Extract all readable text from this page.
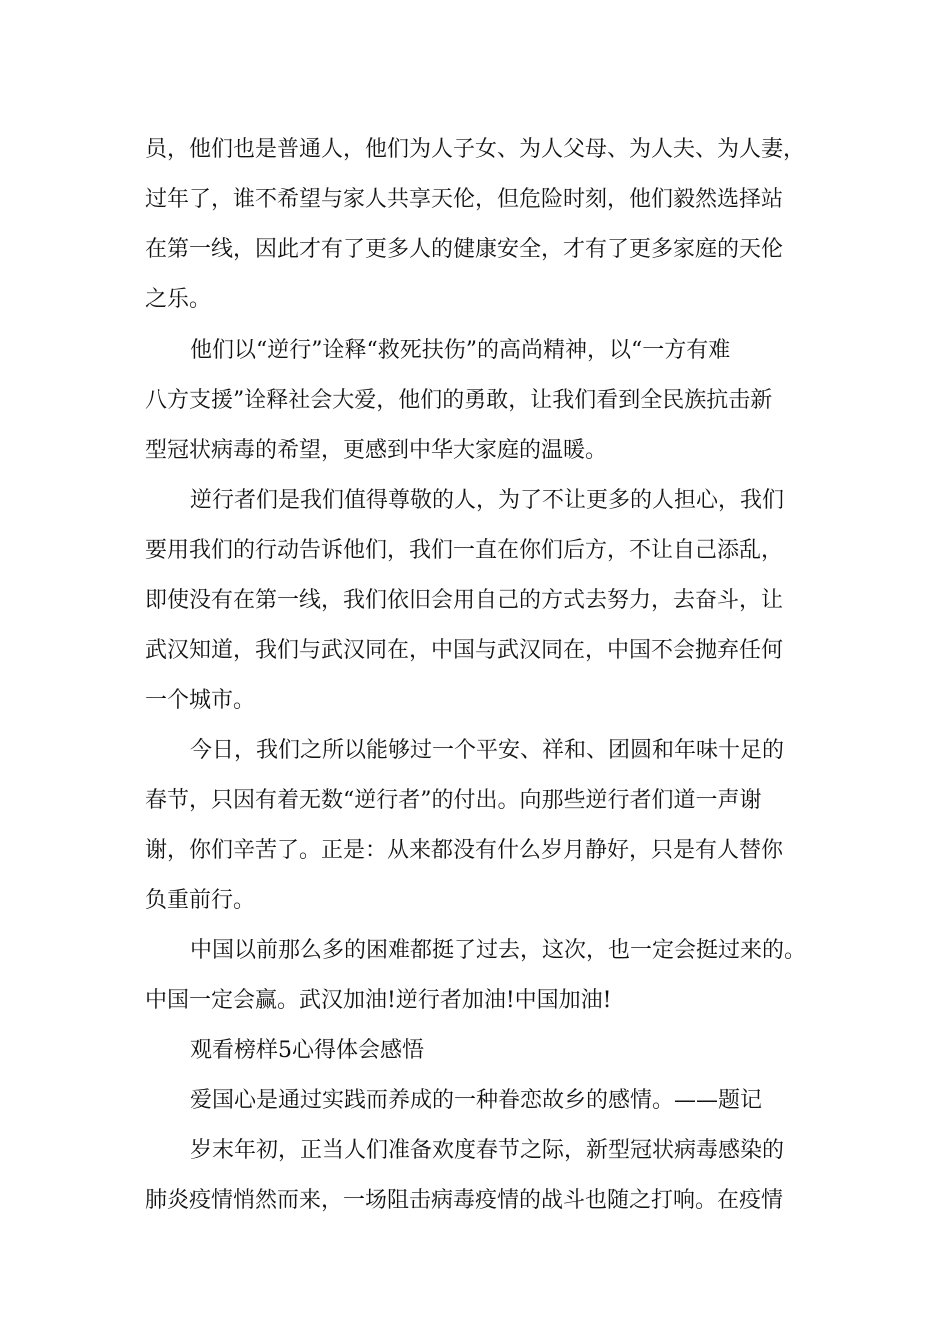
员，他们也是普通人，他们为人子女、为人父母、为人夫、为人妻，
过年了，谁不希望与家人共享天伦，但危险时刻，他们毅然选择站
在第一线，因此才有了更多人的健康安全，才有了更多家庭的天伦
之乐。
他们以“逆行”诠释“救死扶伤”的高尚精神，以“一方有难
八方支援”诠释社会大爱，他们的勇敢，让我们看到全民族抗击新
型冠状病毒的希望，更感到中华大家庭的温暖。
逆行者们是我们值得尊敬的人，为了不让更多的人担心，我们
要用我们的行动告诉他们，我们一直在你们后方，不让自己添乱，
即使没有在第一线，我们依旧会用自己的方式去努力，去奋斗，让
武汉知道，我们与武汉同在，中国与武汉同在，中国不会抛弃任何
一个城市。
今日，我们之所以能够过一个平安、祥和、团圆和年味十足的
春节，只因有着无数“逆行者”的付出。向那些逆行者们道一声谢
谢，你们辛苦了。正是：从来都没有什么岁月静好，只是有人替你
负重前行。
中国以前那么多的困难都挺了过去，这次，也一定会挺过来的。
中国一定会赢。武汉加油!逆行者加油!中国加油!
观看榜样5心得体会感悟
爱国心是通过实践而养成的一种眷恋故乡的感情。——题记
岁末年初，正当人们准备欢度春节之际，新型冠状病毒感染的
肺炎疫情悄然而来，一场阻击病毒疫情的战斗也随之打响。在疫情
